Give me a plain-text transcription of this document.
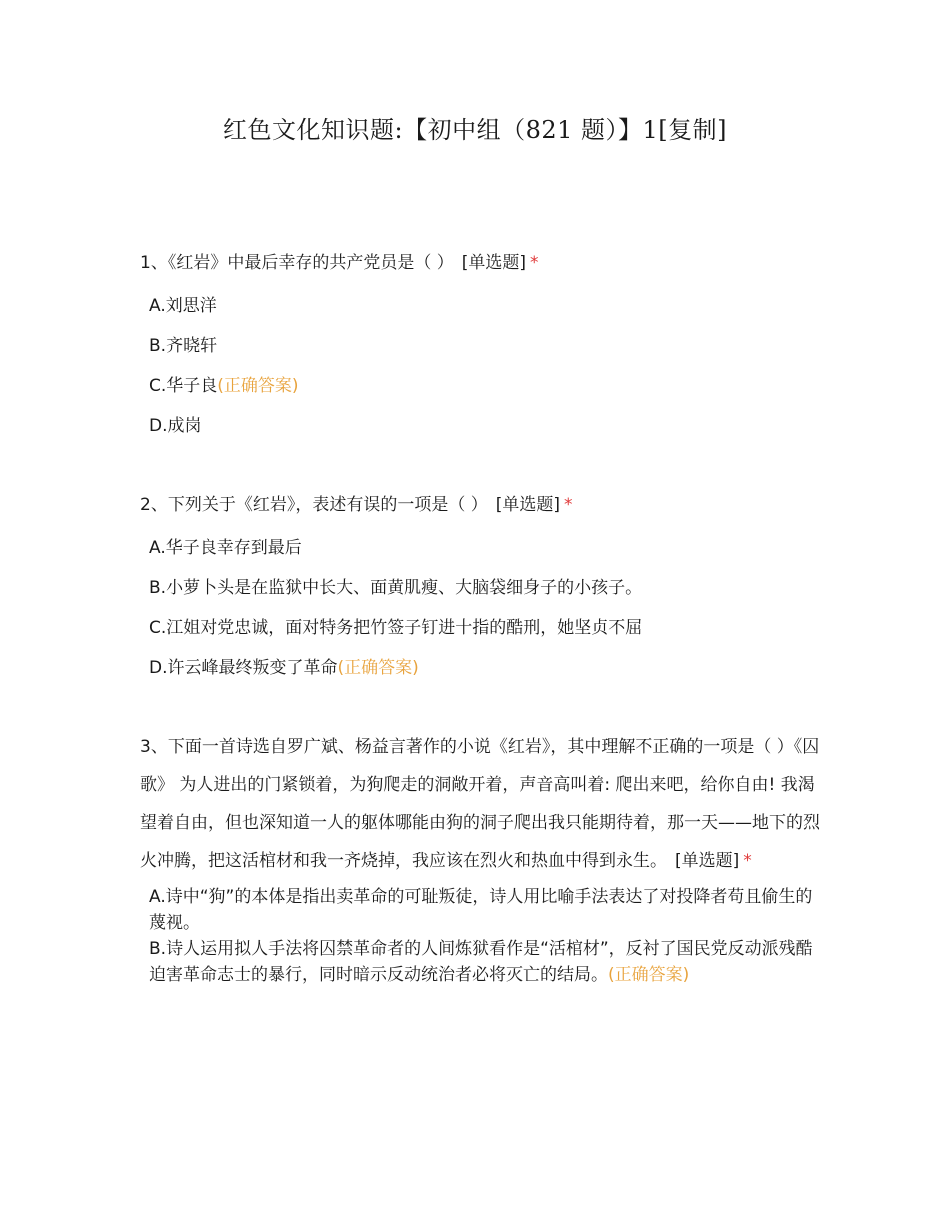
红色文化知识题:【初中组（821 题）】1[复制]
1、《红岩》中最后幸存的共产党员是（ ） [单选题] *
A.刘思洋
B.齐晓轩
C.华子良(正确答案)
D.成岗
2、下列关于《红岩》，表述有误的一项是（ ） [单选题] *
A.华子良幸存到最后
B.小萝卜头是在监狱中长大、面黄肌瘦、大脑袋细身子的小孩子。
C.江姐对党忠诚，面对特务把竹签子钉进十指的酷刑，她坚贞不屈
D.许云峰最终叛变了革命(正确答案)
3、下面一首诗选自罗广斌、杨益言著作的小说《红岩》，其中理解不正确的一项是（ ）《囚歌》 为人进出的门紧锁着，为狗爬走的洞敞开着，声音高叫着: 爬出来吧，给你自由! 我渴望着自由，但也深知道一人的躯体哪能由狗的洞子爬出我只能期待着，那一天——地下的烈火冲腾，把这活棺材和我一齐烧掉，我应该在烈火和热血中得到永生。 [单选题] *
A.诗中“狗”的本体是指出卖革命的可耻叛徒，诗人用比喻手法表达了对投降者苟且偷生的蔑视。
B.诗人运用拟人手法将囚禁革命者的人间炼狱看作是“活棺材”，反衬了国民党反动派残酷迫害革命志士的暴行，同时暗示反动统治者必将灭亡的结局。(正确答案)
